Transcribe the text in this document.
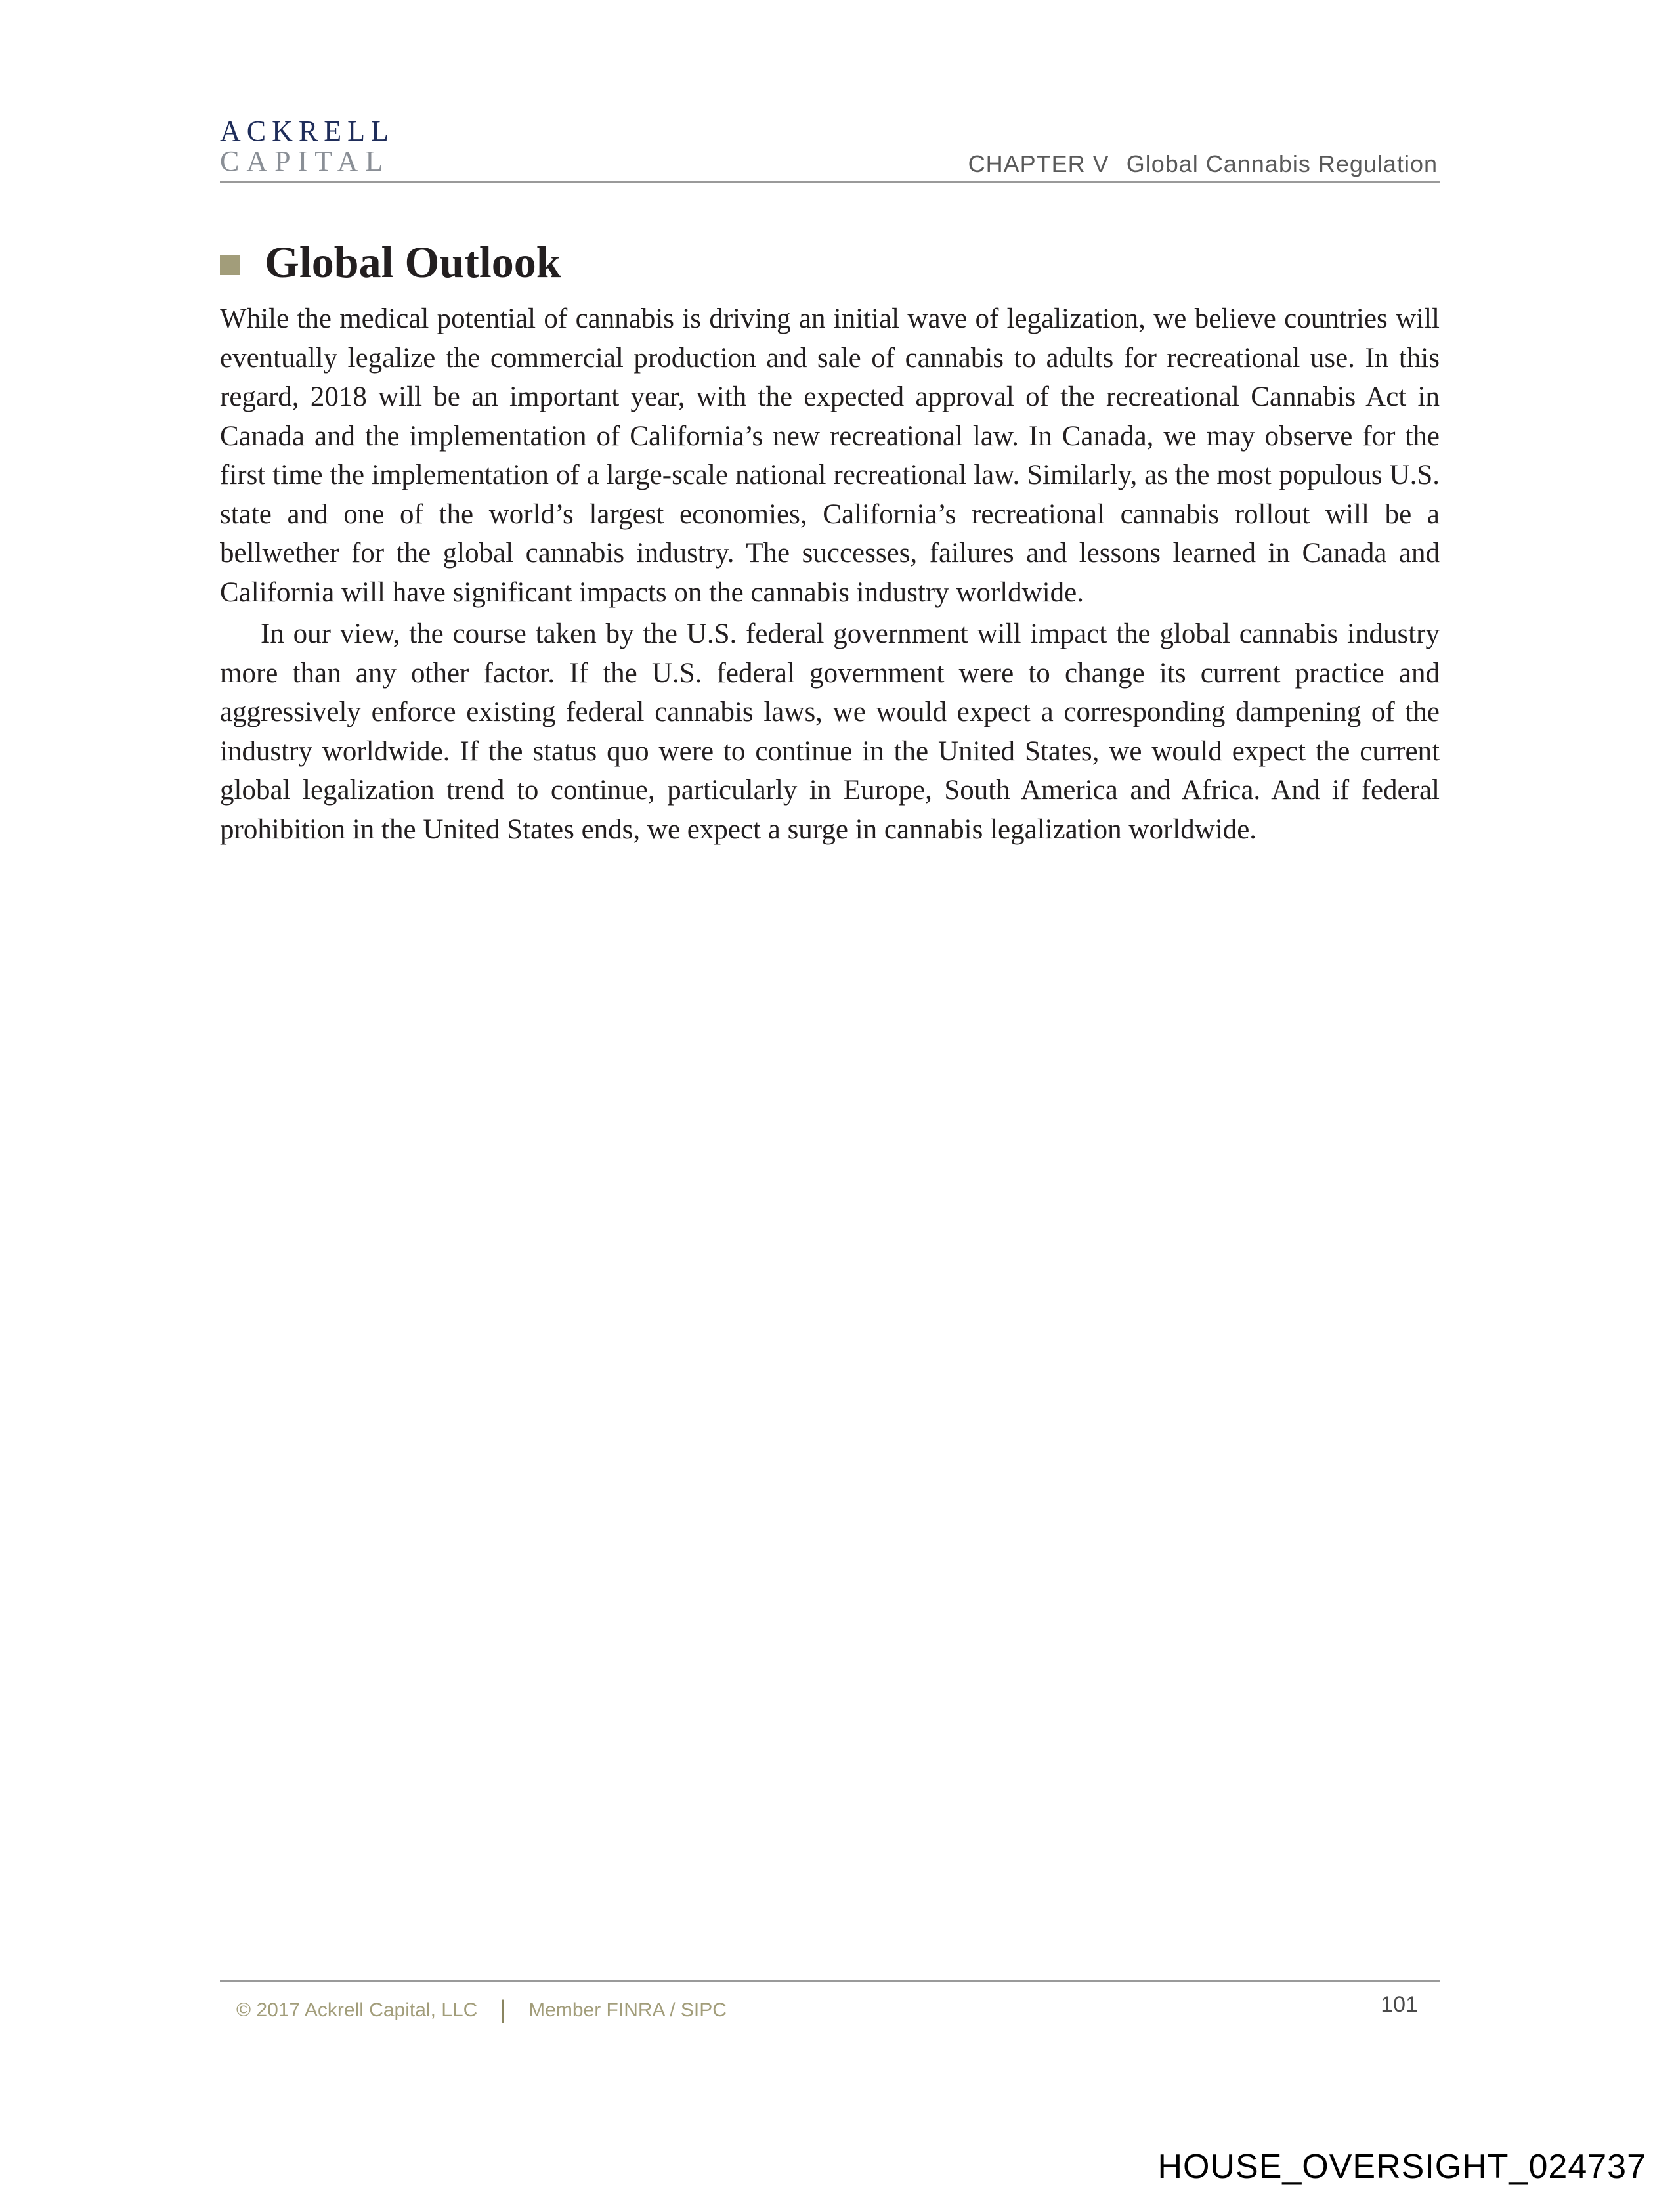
ACKRELL
CAPITAL	CHAPTER V Global Cannabis Regulation
Global Outlook

While the medical potential of cannabis is driving an initial wave of legalization, we believe countries will eventually legalize the commercial production and sale of cannabis to adults for recreational use. In this regard, 2018 will be an important year, with the expected approval of the recreational Cannabis Act in Canada and the implementation of California’s new recreational law. In Canada, we may observe for the first time the implementation of a large-scale national recreational law. Similarly, as the most populous U.S. state and one of the world’s largest economies, California’s recreational cannabis rollout will be a bellwether for the global cannabis industry. The successes, failures and lessons learned in Canada and California will have significant impacts on the cannabis industry worldwide.

In our view, the course taken by the U.S. federal government will impact the global cannabis industry more than any other factor. If the U.S. federal government were to change its current practice and aggressively enforce existing federal cannabis laws, we would expect a corresponding dampening of the industry worldwide. If the status quo were to continue in the United States, we would expect the current global legalization trend to continue, particularly in Europe, South America and Africa. And if federal prohibition in the United States ends, we expect a surge in cannabis legalization worldwide.

© 2017 Ackrell Capital, LLC | Member FINRA / SIPC	101
HOUSE_OVERSIGHT_024737
